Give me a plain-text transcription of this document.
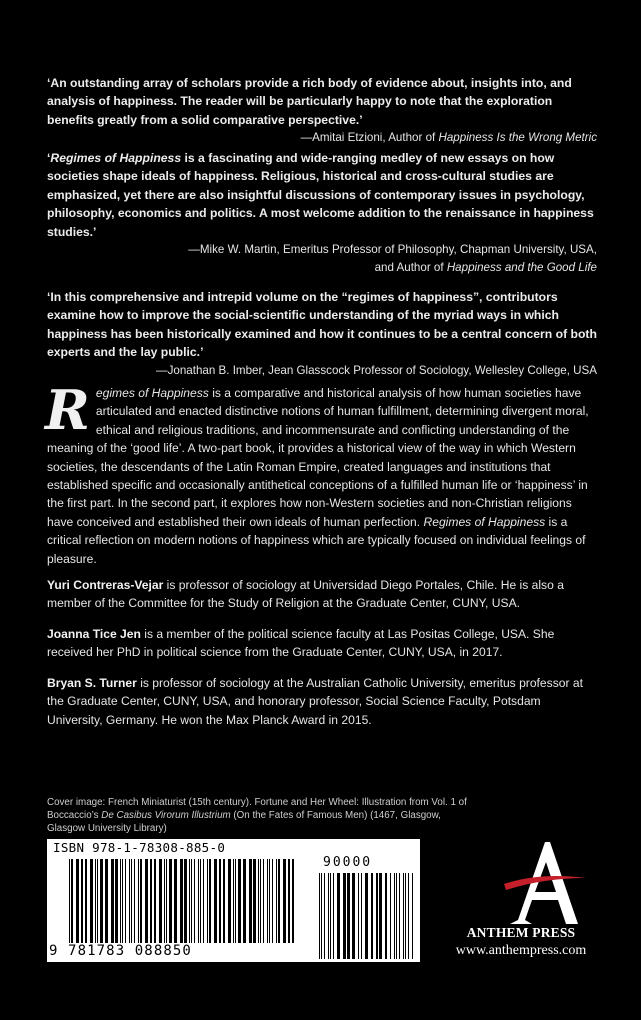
‘An outstanding array of scholars provide a rich body of evidence about, insights into, and analysis of happiness. The reader will be particularly happy to note that the exploration benefits greatly from a solid comparative perspective.’

—Amitai Etzioni, Author of Happiness Is the Wrong Metric

‘Regimes of Happiness is a fascinating and wide-ranging medley of new essays on how societies shape ideals of happiness. Religious, historical and cross-cultural studies are emphasized, yet there are also insightful discussions of contemporary issues in psychology, philosophy, economics and politics. A most welcome addition to the renaissance in happiness studies.’

—Mike W. Martin, Emeritus Professor of Philosophy, Chapman University, USA,
and Author of Happiness and the Good Life

‘In this comprehensive and intrepid volume on the “regimes of happiness”, contributors examine how to improve the social-scientific understanding of the myriad ways in which happiness has been historically examined and how it continues to be a central concern of both experts and the lay public.’

—Jonathan B. Imber, Jean Glasscock Professor of Sociology, Wellesley College, USA
Regimes of Happiness is a comparative and historical analysis of how human societies have articulated and enacted distinctive notions of human fulfillment, determining divergent moral, ethical and religious traditions, and incommensurate and conflicting understanding of the meaning of the ‘good life’. A two-part book, it provides a historical view of the way in which Western societies, the descendants of the Latin Roman Empire, created languages and institutions that established specific and occasionally antithetical conceptions of a fulfilled human life or ‘happiness’ in the first part. In the second part, it explores how non-Western societies and non-Christian religions have conceived and established their own ideals of human perfection. Regimes of Happiness is a critical reflection on modern notions of happiness which are typically focused on individual feelings of pleasure.

Yuri Contreras-Vejar is professor of sociology at Universidad Diego Portales, Chile. He is also a member of the Committee for the Study of Religion at the Graduate Center, CUNY, USA.

Joanna Tice Jen is a member of the political science faculty at Las Positas College, USA. She received her PhD in political science from the Graduate Center, CUNY, USA, in 2017.

Bryan S. Turner is professor of sociology at the Australian Catholic University, emeritus professor at the Graduate Center, CUNY, USA, and honorary professor, Social Science Faculty, Potsdam University, Germany. He won the Max Planck Award in 2015.

Cover image: French Miniaturist (15th century). Fortune and Her Wheel: Illustration from Vol. 1 of Boccaccio’s De Casibus Virorum Illustrium (On the Fates of Famous Men) (1467, Glasgow, Glasgow University Library)
ISBN 978-1-78308-885-0
9 781783 088850
90000
ANTHEM PRESS
www.anthempress.com
